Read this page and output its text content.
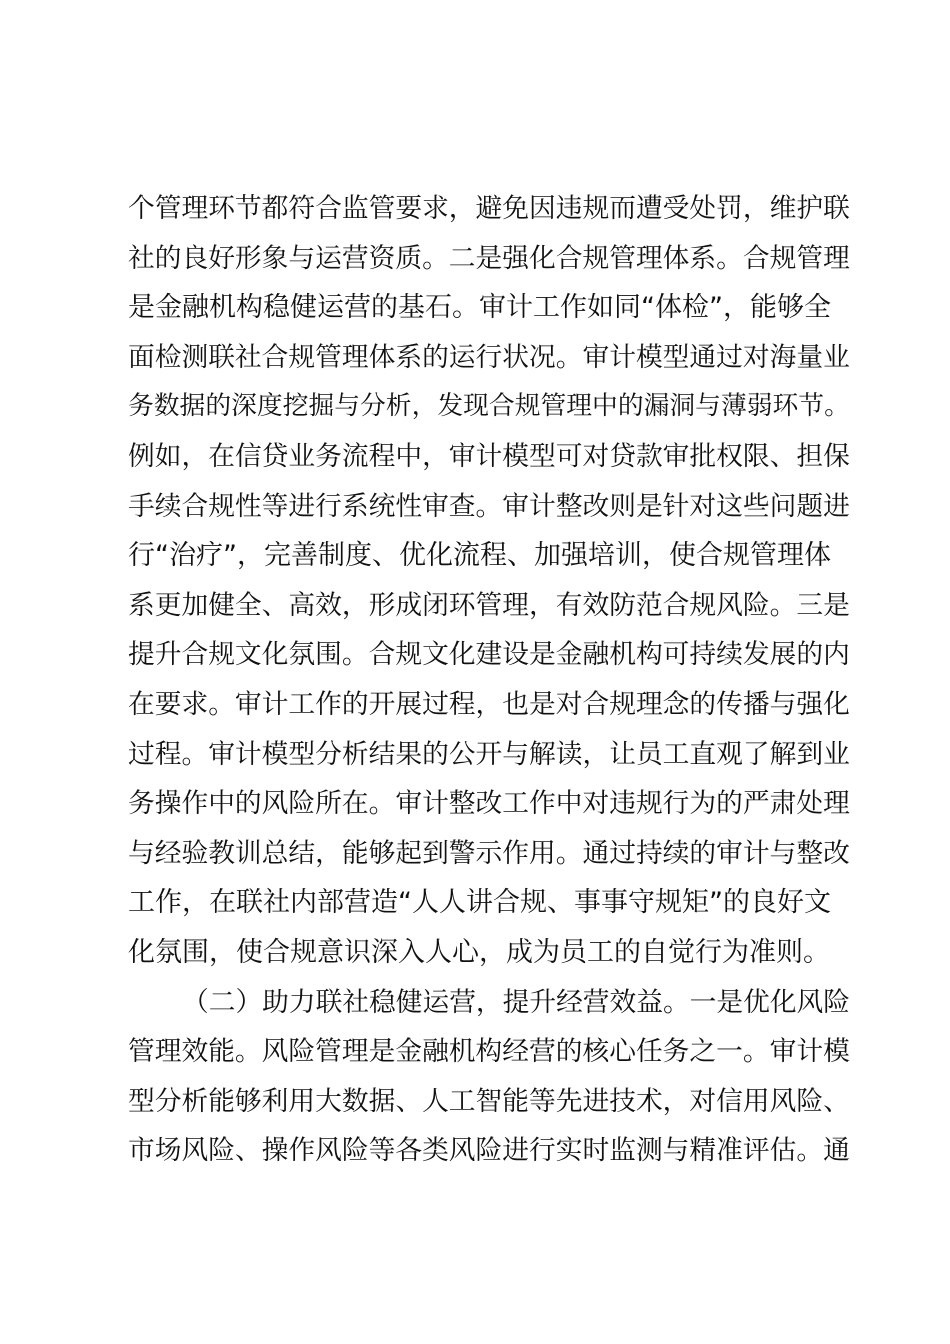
个管理环节都符合监管要求，避免因违规而遭受处罚，维护联
社的良好形象与运营资质。二是强化合规管理体系。合规管理
是金融机构稳健运营的基石。审计工作如同“体检”，能够全
面检测联社合规管理体系的运行状况。审计模型通过对海量业
务数据的深度挖掘与分析，发现合规管理中的漏洞与薄弱环节。
例如，在信贷业务流程中，审计模型可对贷款审批权限、担保
手续合规性等进行系统性审查。审计整改则是针对这些问题进
行“治疗”，完善制度、优化流程、加强培训，使合规管理体
系更加健全、高效，形成闭环管理，有效防范合规风险。三是
提升合规文化氛围。合规文化建设是金融机构可持续发展的内
在要求。审计工作的开展过程，也是对合规理念的传播与强化
过程。审计模型分析结果的公开与解读，让员工直观了解到业
务操作中的风险所在。审计整改工作中对违规行为的严肃处理
与经验教训总结，能够起到警示作用。通过持续的审计与整改
工作，在联社内部营造“人人讲合规、事事守规矩”的良好文
化氛围，使合规意识深入人心，成为员工的自觉行为准则。
（二）助力联社稳健运营，提升经营效益。一是优化风险
管理效能。风险管理是金融机构经营的核心任务之一。审计模
型分析能够利用大数据、人工智能等先进技术，对信用风险、
市场风险、操作风险等各类风险进行实时监测与精准评估。通
